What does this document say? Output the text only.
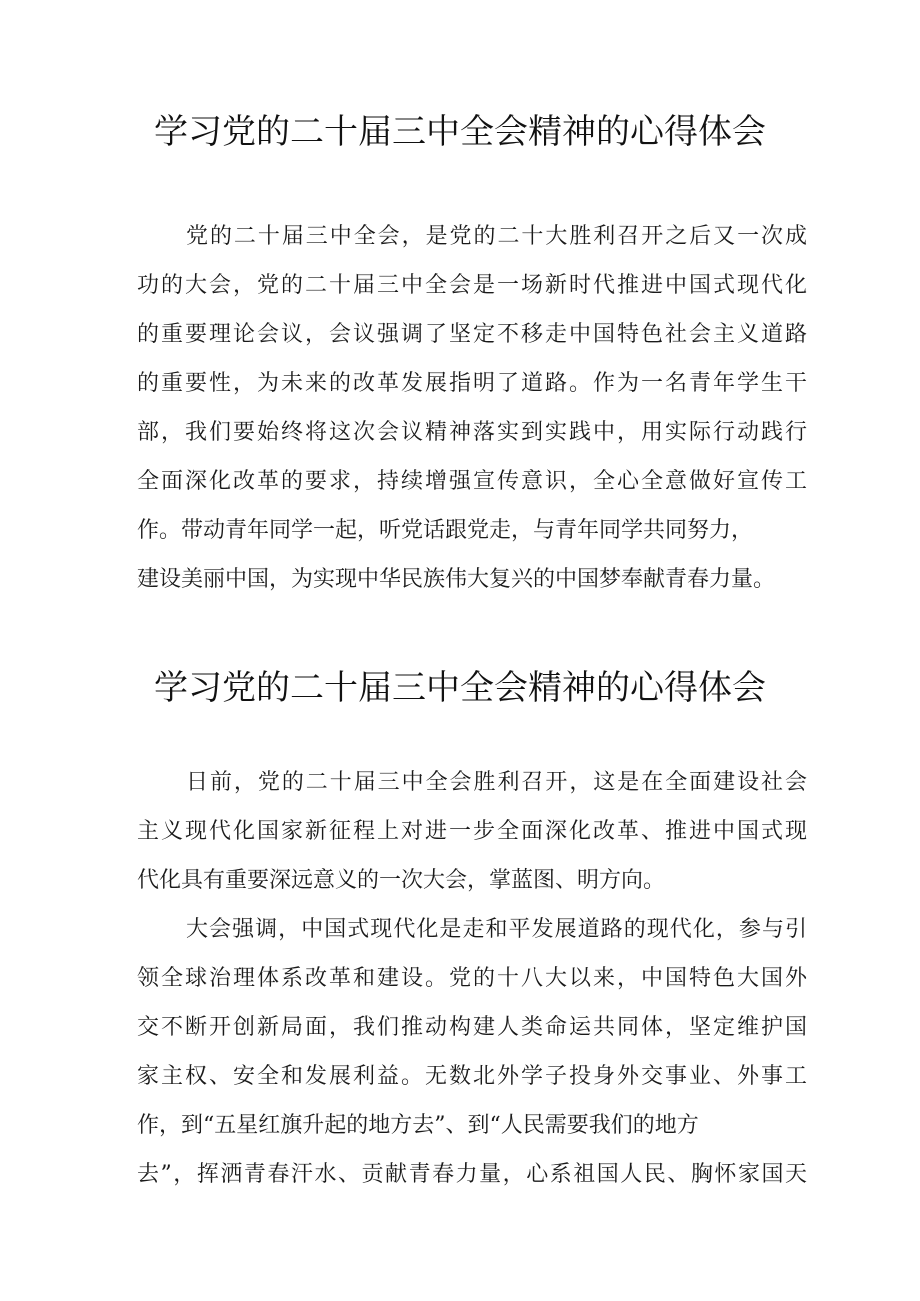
学习党的二十届三中全会精神的心得体会
党的二十届三中全会，是党的二十大胜利召开之后又一次成
功的大会，党的二十届三中全会是一场新时代推进中国式现代化
的重要理论会议，会议强调了坚定不移走中国特色社会主义道路
的重要性，为未来的改革发展指明了道路。作为一名青年学生干
部，我们要始终将这次会议精神落实到实践中，用实际行动践行
全面深化改革的要求，持续增强宣传意识，全心全意做好宣传工
作。带动青年同学一起，听党话跟党走，与青年同学共同努力，
建设美丽中国，为实现中华民族伟大复兴的中国梦奉献青春力量。
学习党的二十届三中全会精神的心得体会
日前，党的二十届三中全会胜利召开，这是在全面建设社会
主义现代化国家新征程上对进一步全面深化改革、推进中国式现
代化具有重要深远意义的一次大会，掌蓝图、明方向。
大会强调，中国式现代化是走和平发展道路的现代化，参与引
领全球治理体系改革和建设。党的十八大以来，中国特色大国外
交不断开创新局面，我们推动构建人类命运共同体，坚定维护国
家主权、安全和发展利益。无数北外学子投身外交事业、外事工
作，到“五星红旗升起的地方去”、到“人民需要我们的地方
去”，挥洒青春汗水、贡献青春力量，心系祖国人民、胸怀家国天
